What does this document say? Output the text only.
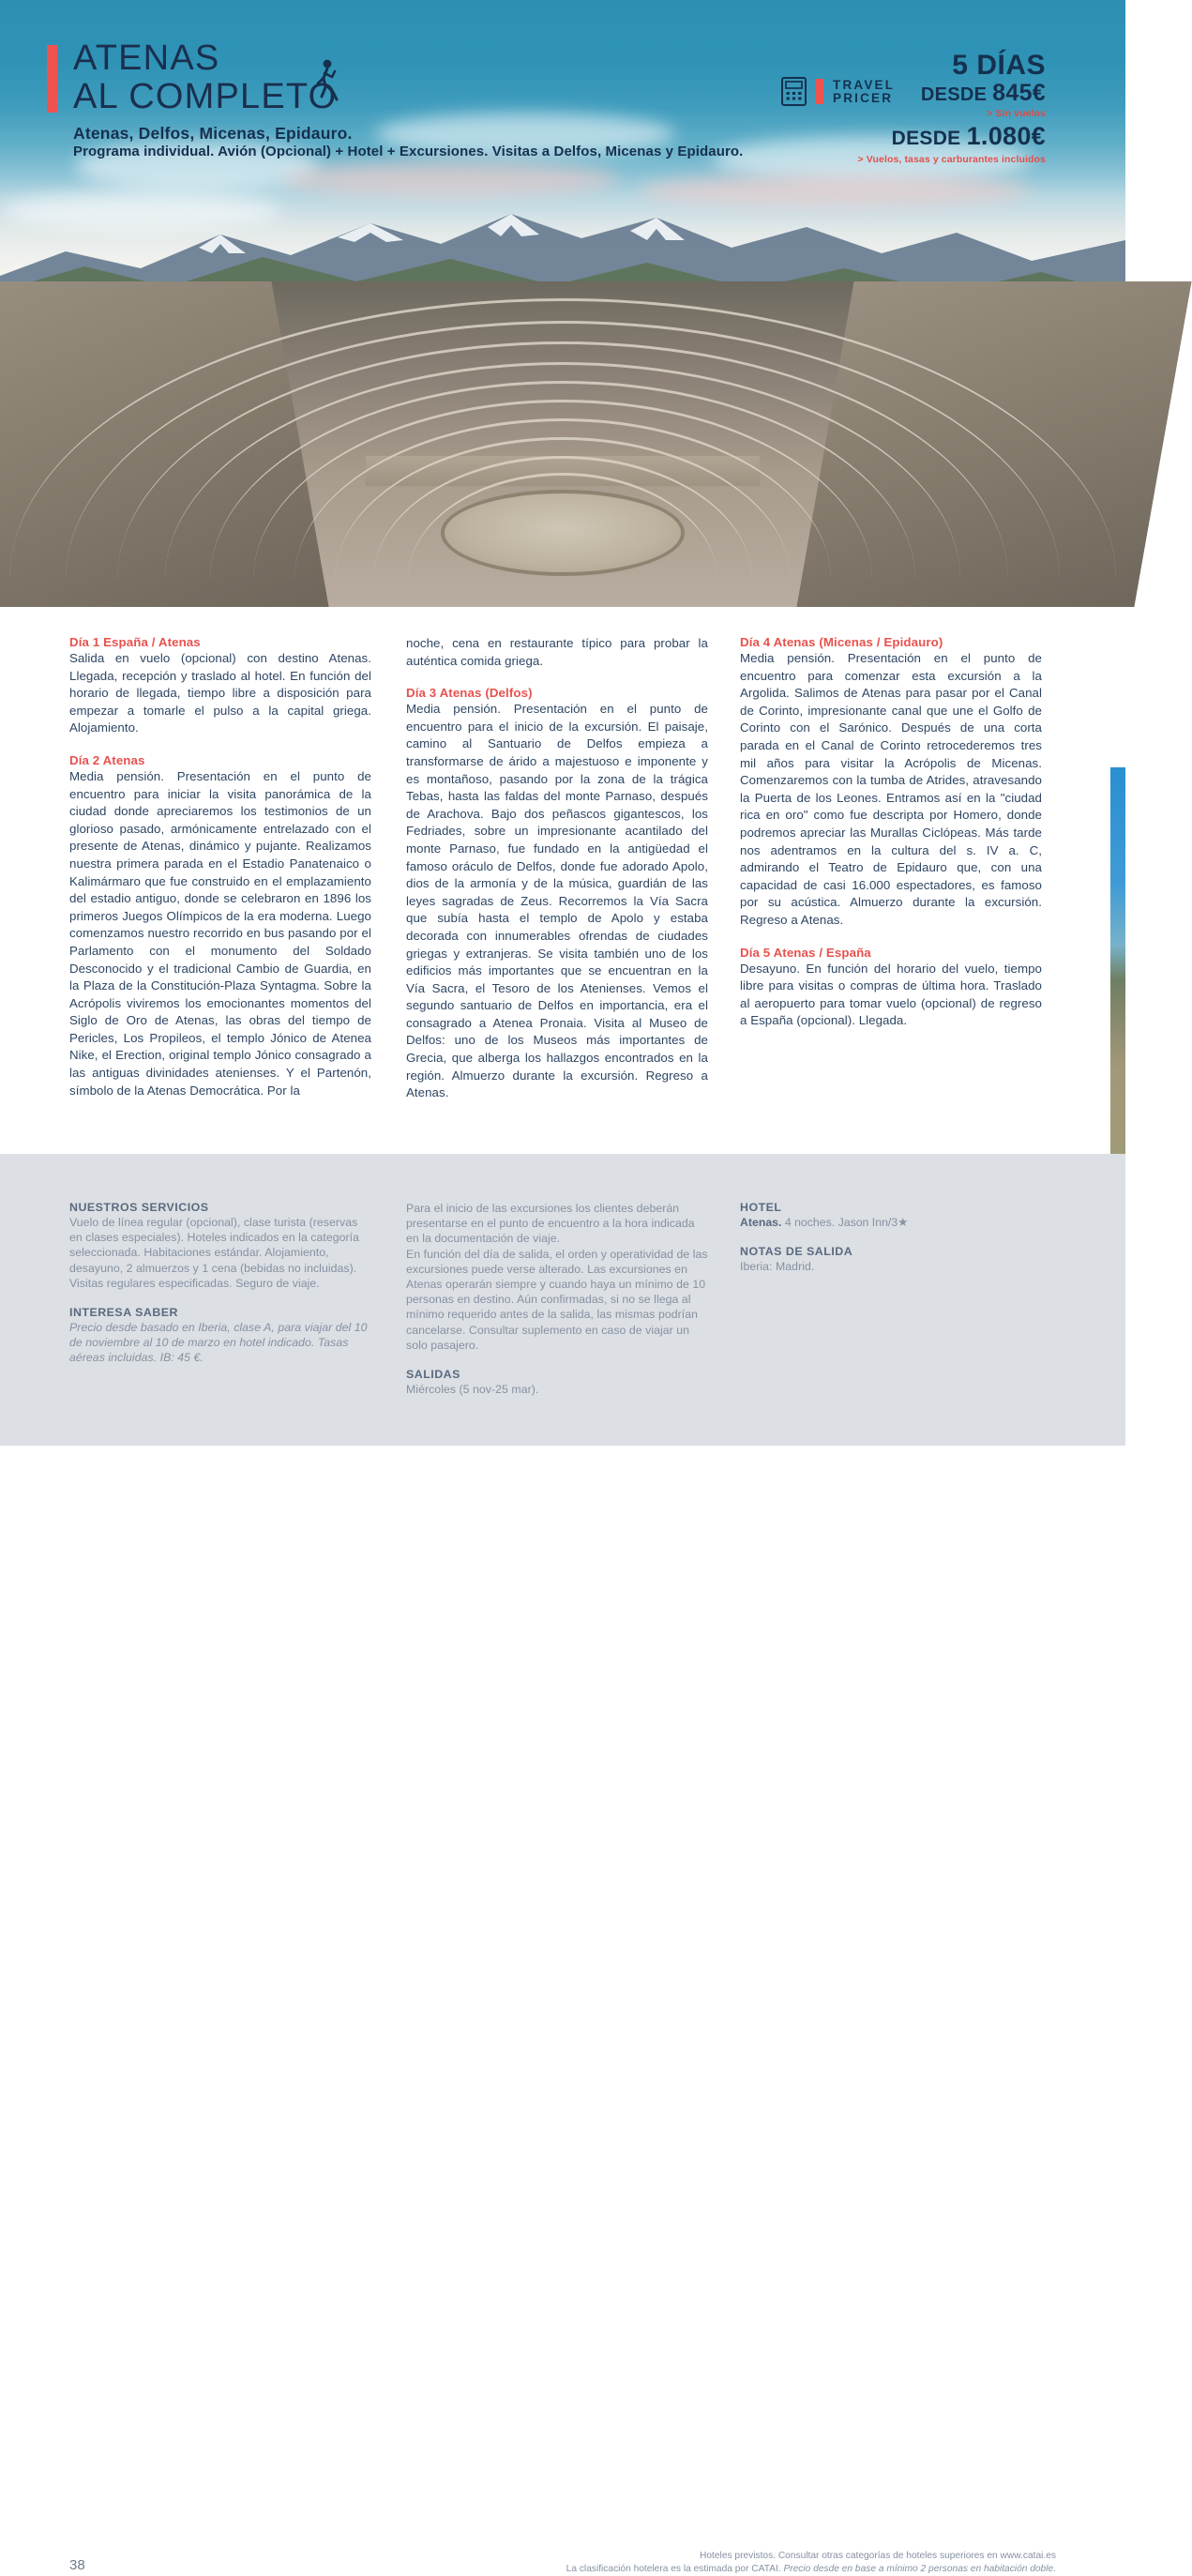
ATENAS
AL COMPLETO
Atenas, Delfos, Micenas, Epidauro.
Programa individual. Avión (Opcional) + Hotel + Excursiones. Visitas a Delfos, Micenas y Epidauro.
TRAVEL
PRICER
5 DÍAS
DESDE 845€
> Sin vuelos
DESDE 1.080€
> Vuelos, tasas y carburantes incluidos
Día 1 España / Atenas
Salida en vuelo (opcional) con destino Atenas. Llegada, recepción y traslado al hotel. En función del horario de llegada, tiempo libre a disposición para empezar a tomarle el pulso a la capital griega. Alojamiento.
Día 2 Atenas
Media pensión. Presentación en el punto de encuentro para iniciar la visita panorámica de la ciudad donde apreciaremos los testimonios de un glorioso pasado, armónicamente entrelazado con el presente de Atenas, dinámico y pujante. Realizamos nuestra primera parada en el Estadio Panatenaico o Kalimármaro que fue construido en el emplazamiento del estadio antiguo, donde se celebraron en 1896 los primeros Juegos Olímpicos de la era moderna. Luego comenzamos nuestro recorrido en bus pasando por el Parlamento con el monumento del Soldado Desconocido y el tradicional Cambio de Guardia, en la Plaza de la Constitución-Plaza Syntagma. Sobre la Acrópolis viviremos los emocionantes momentos del Siglo de Oro de Atenas, las obras del tiempo de Pericles, Los Propileos, el templo Jónico de Atenea Nike, el Erection, original templo Jónico consagrado a las antiguas divinidades atenienses. Y el Partenón, símbolo de la Atenas Democrática. Por la
noche, cena en restaurante típico para probar la auténtica comida griega.
Día 3 Atenas (Delfos)
Media pensión. Presentación en el punto de encuentro para el inicio de la excursión. El paisaje, camino al Santuario de Delfos empieza a transformarse de árido a majestuoso e imponente y es montañoso, pasando por la zona de la trágica Tebas, hasta las faldas del monte Parnaso, después de Arachova. Bajo dos peñascos gigantescos, los Fedriades, sobre un impresionante acantilado del monte Parnaso, fue fundado en la antigüedad el famoso oráculo de Delfos, donde fue adorado Apolo, dios de la armonía y de la música, guardián de las leyes sagradas de Zeus. Recorremos la Vía Sacra que subía hasta el templo de Apolo y estaba decorada con innumerables ofrendas de ciudades griegas y extranjeras. Se visita también uno de los edificios más importantes que se encuentran en la Vía Sacra, el Tesoro de los Atenienses. Vemos el segundo santuario de Delfos en importancia, era el consagrado a Atenea Pronaia. Visita al Museo de Delfos: uno de los Museos más importantes de Grecia, que alberga los hallazgos encontrados en la región. Almuerzo durante la excursión. Regreso a Atenas.
Día 4 Atenas (Micenas / Epidauro)
Media pensión. Presentación en el punto de encuentro para comenzar esta excursión a la Argolida. Salimos de Atenas para pasar por el Canal de Corinto, impresionante canal que une el Golfo de Corinto con el Sarónico. Después de una corta parada en el Canal de Corinto retrocederemos tres mil años para visitar la Acrópolis de Micenas. Comenzaremos con la tumba de Atrides, atravesando la Puerta de los Leones. Entramos así en la "ciudad rica en oro" como fue descripta por Homero, donde podremos apreciar las Murallas Ciclópeas. Más tarde nos adentramos en la cultura del s. IV a. C, admirando el Teatro de Epidauro que, con una capacidad de casi 16.000 espectadores, es famoso por su acústica. Almuerzo durante la excursión. Regreso a Atenas.
Día 5 Atenas / España
Desayuno. En función del horario del vuelo, tiempo libre para visitas o compras de última hora. Traslado al aeropuerto para tomar vuelo (opcional) de regreso a España (opcional). Llegada.
NUESTROS SERVICIOS
Vuelo de línea regular (opcional), clase turista (reservas en clases especiales). Hoteles indicados en la categoría seleccionada. Habitaciones estándar. Alojamiento, desayuno, 2 almuerzos y 1 cena (bebidas no incluidas). Visitas regulares especificadas. Seguro de viaje.
INTERESA SABER
Precio desde basado en Iberia, clase A, para viajar del 10 de noviembre al 10 de marzo en hotel indicado. Tasas aéreas incluidas. IB: 45 €.
Para el inicio de las excursiones los clientes deberán presentarse en el punto de encuentro a la hora indicada en la documentación de viaje.
En función del día de salida, el orden y operatividad de las excursiones puede verse alterado. Las excursiones en Atenas operarán siempre y cuando haya un mínimo de 10 personas en destino. Aún confirmadas, si no se llega al mínimo requerido antes de la salida, las mismas podrían cancelarse. Consultar suplemento en caso de viajar un solo pasajero.
SALIDAS
Miércoles (5 nov-25 mar).
HOTEL
Atenas. 4 noches. Jason Inn/3★
NOTAS DE SALIDA
Iberia: Madrid.
38
Hoteles previstos. Consultar otras categorías de hoteles superiores en www.catai.es
La clasificación hotelera es la estimada por CATAI. Precio desde en base a mínimo 2 personas en habitación doble.
